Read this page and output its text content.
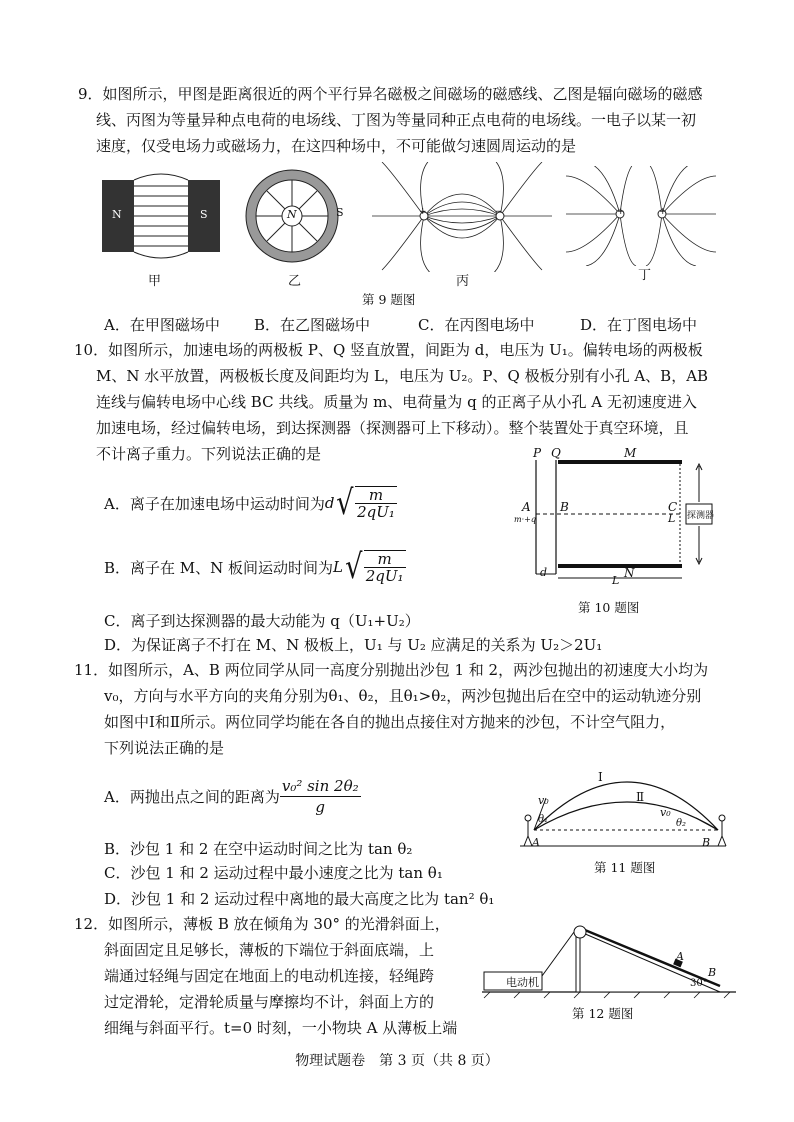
9．如图所示，甲图是距离很近的两个平行异名磁极之间磁场的磁感线、乙图是辐向磁场的磁感
线、丙图为等量异种点电荷的电场线、丁图为等量同种正点电荷的电场线。一电子以某一初
速度，仅受电场力或磁场力，在这四种场中，不可能做匀速圆周运动的是
N	S
甲
N	S
乙
+	−
丙
+	+
丁
第 9 题图
A．在甲图磁场中 B．在乙图磁场中	C．在丙图电场中	D．在丁图电场中
10．如图所示，加速电场的两极板 P、Q 竖直放置，间距为 d，电压为 U₁。偏转电场的两极板
M、N 水平放置，两极板长度及间距均为 L，电压为 U₂。P、Q 极板分别有小孔 A、B，AB
连线与偏转电场中心线 BC 共线。质量为 m、电荷量为 q 的正离子从小孔 A 无初速度进入
加速电场，经过偏转电场，到达探测器（探测器可上下移动）。整个装置处于真空环境，且
不计离子重力。下列说法正确的是
A．离子在加速电场中运动时间为 d √ $\frac{m}{\text{2qU₁}}$
B．离子在 M、N 板间运动时间为 L √ $\frac{m}{\text{2qU₁}}$
C．离子到达探测器的最大动能为 q（U₁+U₂）
D．为保证离子不打在 M、N 极板上，U₁ 与 U₂ 应满足的关系为 U₂＞2U₁
P Q	M
A B	C
m·+q	探测器
L
N
L
d
第 10 题图
11．如图所示，A、B 两位同学从同一高度分别抛出沙包 1 和 2，两沙包抛出的初速度大小均为
v₀，方向与水平方向的夹角分别为θ₁、θ₂，且θ₁>θ₂，两沙包抛出后在空中的运动轨迹分别
如图中Ⅰ和Ⅱ所示。两位同学均能在各自的抛出点接住对方抛来的沙包，不计空气阻力，
下列说法正确的是
A．两抛出点之间的距离为 $\frac{\text{v₀² sin 2θ₂}}{g}$
B．沙包 1 和 2 在空中运动时间之比为 tan θ₂
C．沙包 1 和 2 运动过程中最小速度之比为 tan θ₁
D．沙包 1 和 2 运动过程中离地的最大高度之比为 tan² θ₁
Ⅰ
Ⅱ
v₀
v₀
θ₁	θ₂
A	B
第 11 题图
12．如图所示，薄板 B 放在倾角为 30° 的光滑斜面上，
斜面固定且足够长，薄板的下端位于斜面底端，上
端通过轻绳与固定在地面上的电动机连接，轻绳跨
过定滑轮，定滑轮质量与摩擦均不计，斜面上方的
细绳与斜面平行。t=0 时刻，一小物块 A 从薄板上端
电动机
A
B
30°
第 12 题图
物理试题卷　第 3 页（共 8 页）
